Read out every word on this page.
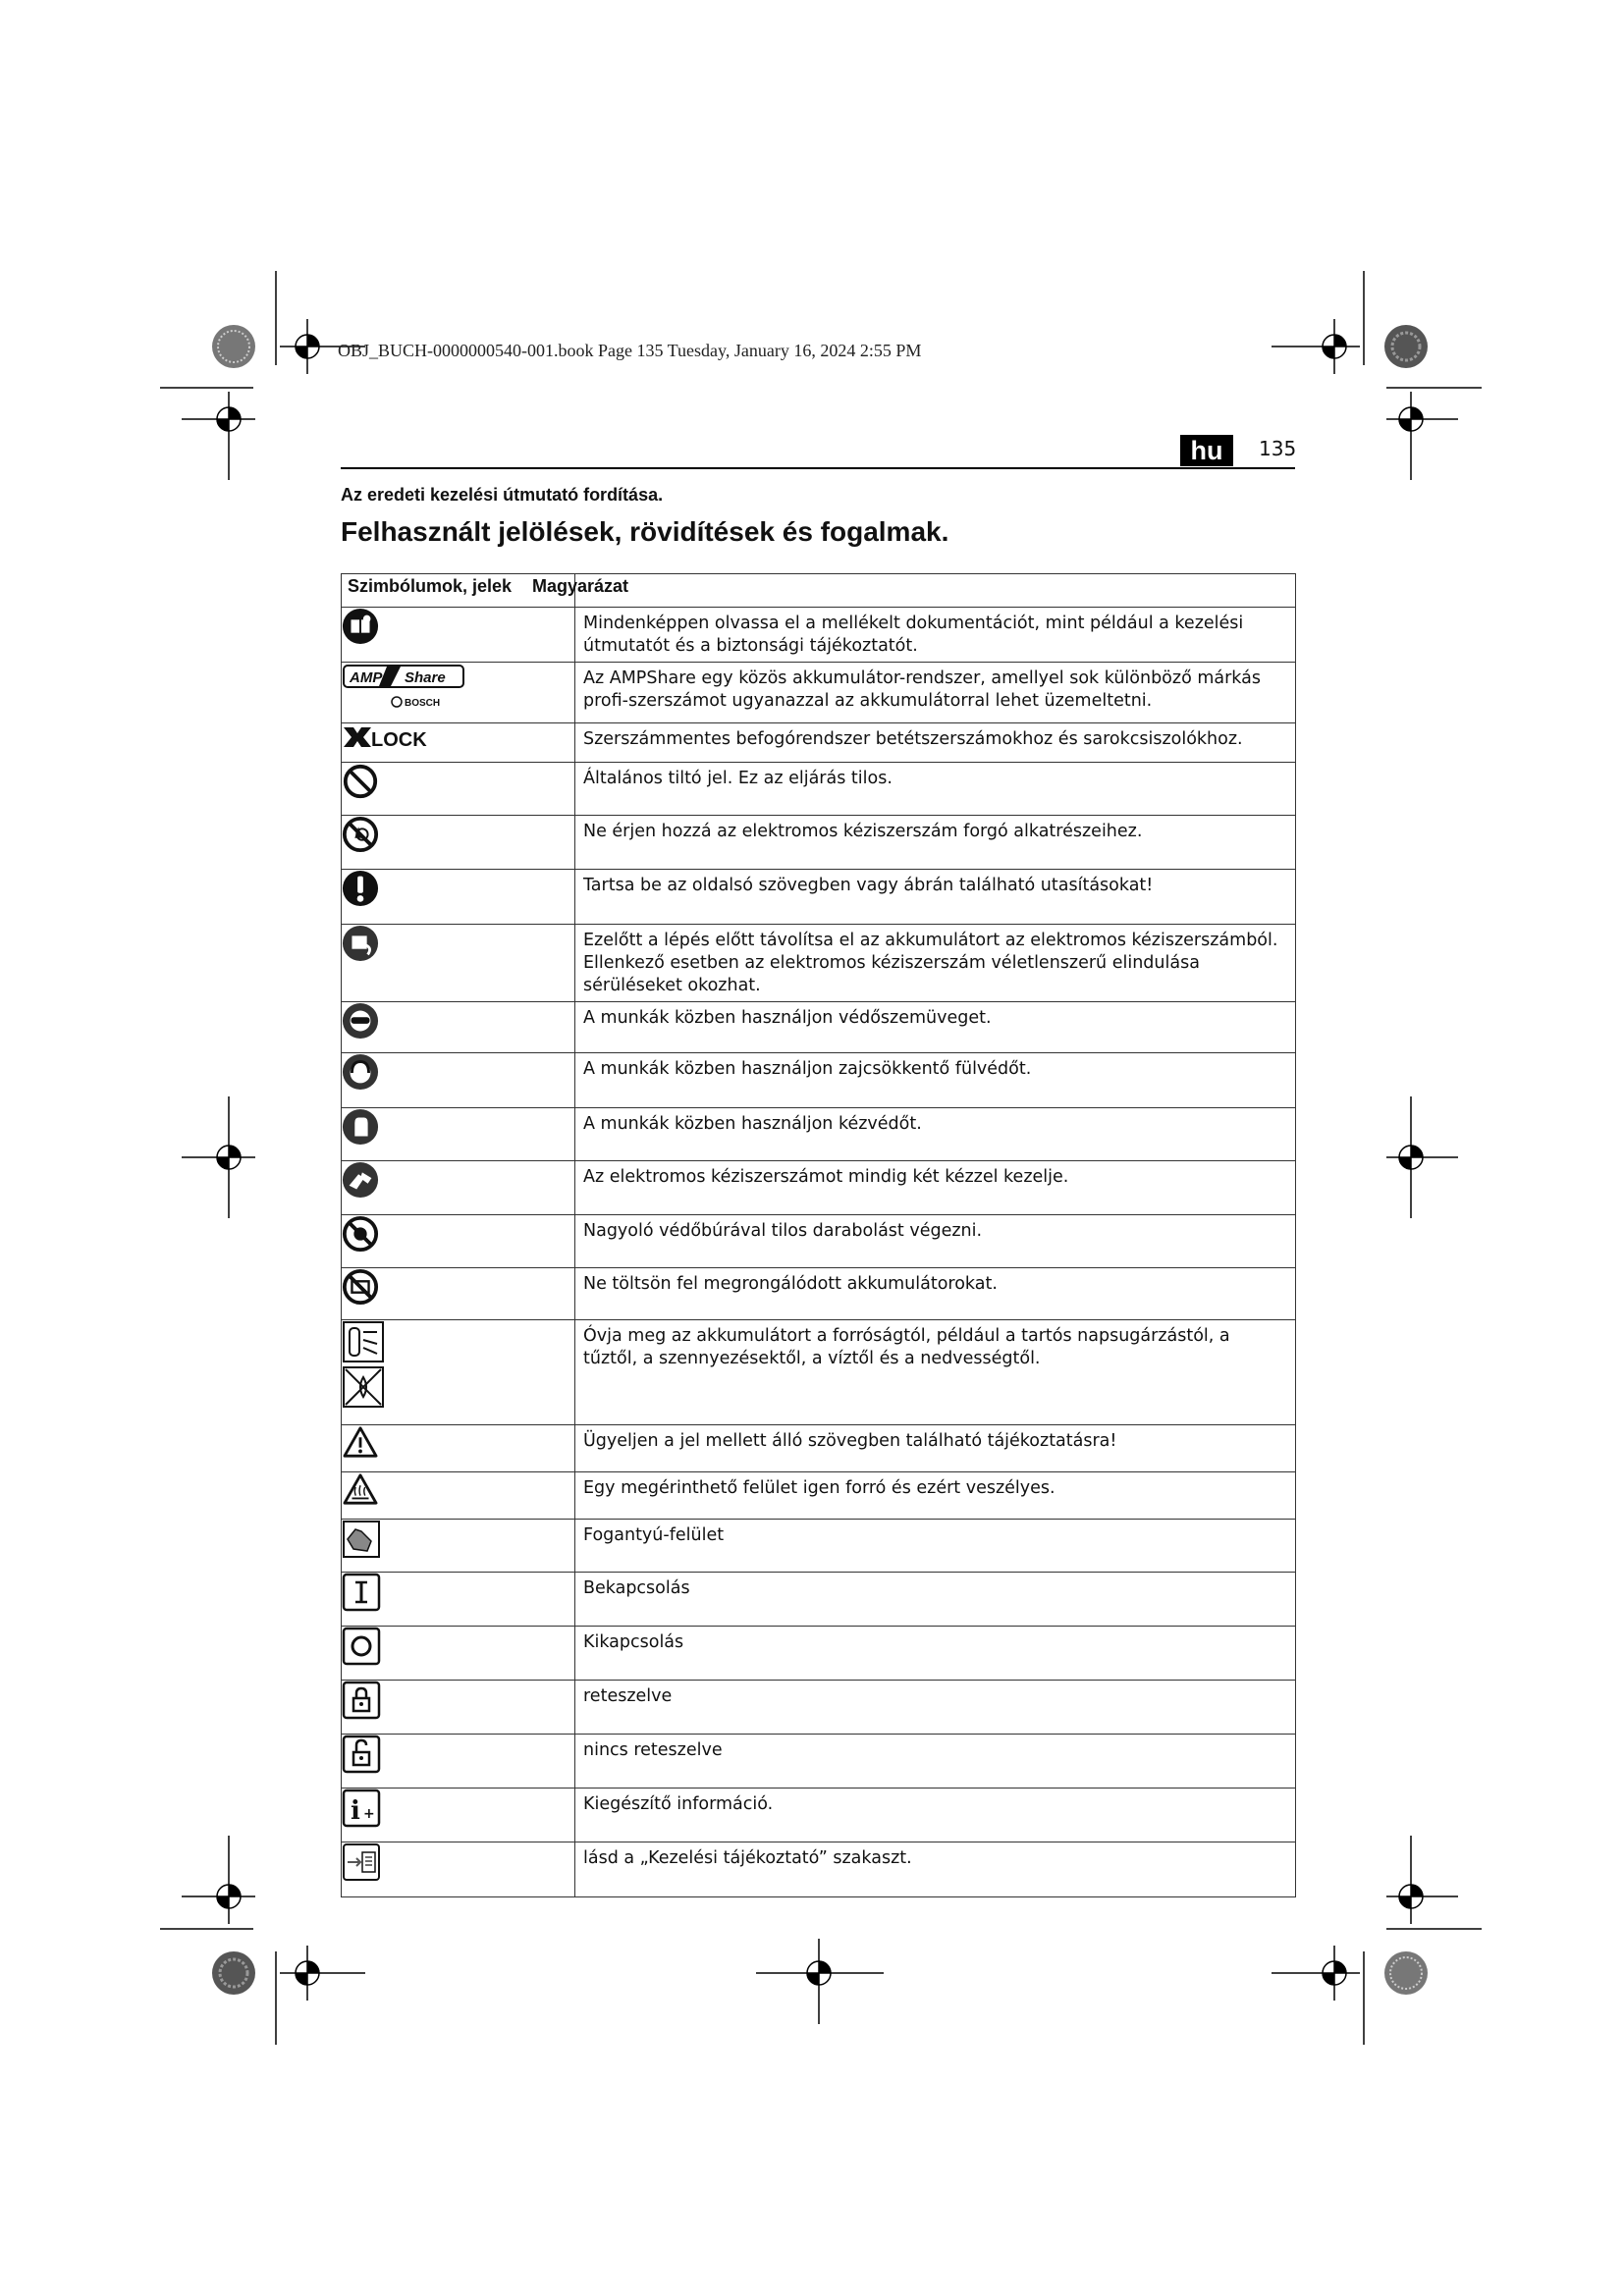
OBJ_BUCH-0000000540-001.book Page 135 Tuesday, January 16, 2024 2:55 PM
hu	135
Az eredeti kezelési útmutató fordítása.
Felhasznált jelölések, rövidítések és fogalmak.
Szimbólumok, jelek	Magyarázat

	Mindenképpen olvassa el a mellékelt dokumentációt, mint például a kezelési útmutatót és a biztonsági tájékoztatót.

AMP Share
BOSCH	Az AMPShare egy közös akkumulátor-rendszer, amellyel sok különböző márkás profi-szerszámot ugyanazzal az akkumulátorral lehet üzemeltetni.

LOCK	Szerszámmentes befogórendszer betétszerszámokhoz és sarokcsiszolókhoz.

	Általános tiltó jel. Ez az eljárás tilos.

	Ne érjen hozzá az elektromos kéziszerszám forgó alkatrészeihez.

	Tartsa be az oldalsó szövegben vagy ábrán található utasításokat!

	Ezelőtt a lépés előtt távolítsa el az akkumulátort az elektromos kéziszerszámból. Ellenkező esetben az elektromos kéziszerszám véletlenszerű elindulása sérüléseket okozhat.

	A munkák közben használjon védőszemüveget.

	A munkák közben használjon zajcsökkentő fülvédőt.

	A munkák közben használjon kézvédőt.

	Az elektromos kéziszerszámot mindig két kézzel kezelje.

	Nagyoló védőbúrával tilos darabolást végezni.

	Ne töltsön fel megrongálódott akkumulátorokat.

	Óvja meg az akkumulátort a forróságtól, például a tartós napsugárzástól, a tűztől, a szennyezésektől, a víztől és a nedvességtől.

	Ügyeljen a jel mellett álló szövegben található tájékoztatásra!

	Egy megérinthető felület igen forró és ezért veszélyes.

	Fogantyú-felület

	Bekapcsolás

	Kikapcsolás

	reteszelve

	nincs reteszelve

i +	Kiegészítő információ.

	lásd a „Kezelési tájékoztató” szakaszt.
